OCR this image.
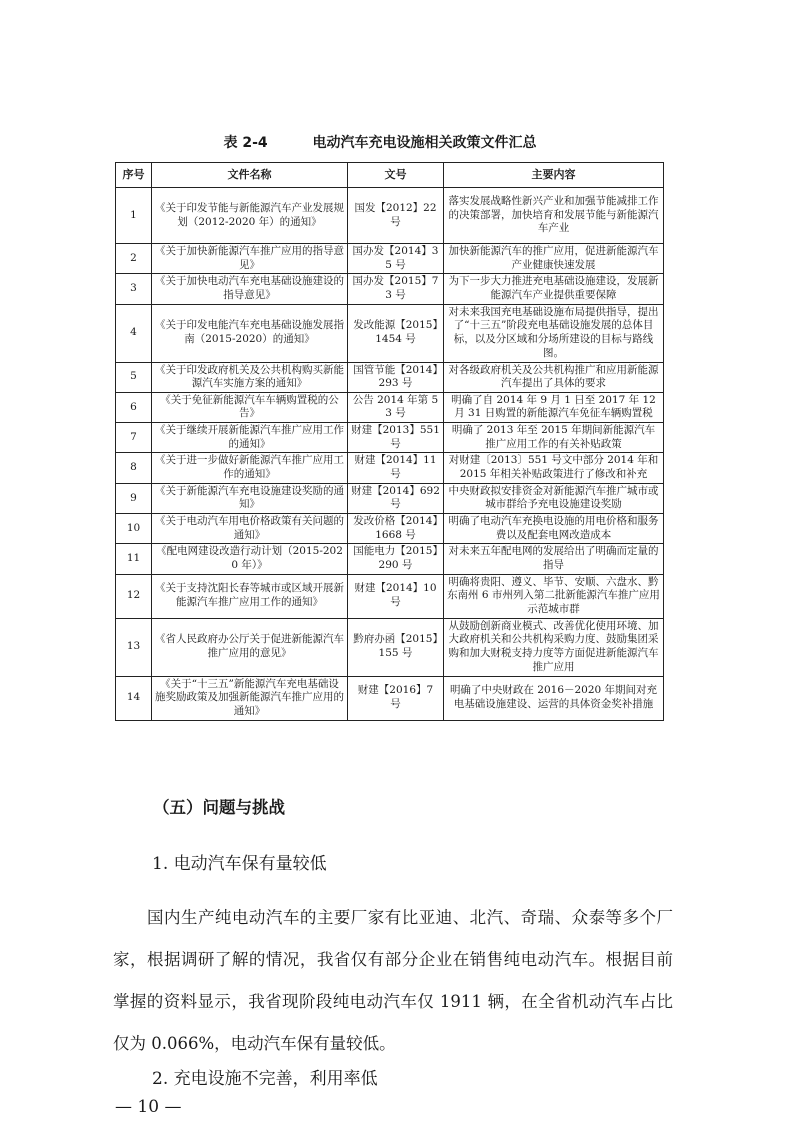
表 2-4	电动汽车充电设施相关政策文件汇总
序号	文件名称	文号	主要内容
1	《关于印发节能与新能源汽车产业发展规划（2012-2020 年）的通知》	国发【2012】22 号	落实发展战略性新兴产业和加强节能减排工作的决策部署，加快培育和发展节能与新能源汽车产业
2	《关于加快新能源汽车推广应用的指导意见》	国办发【2014】35 号	加快新能源汽车的推广应用，促进新能源汽车产业健康快速发展
3	《关于加快电动汽车充电基础设施建设的指导意见》	国办发【2015】73 号	为下一步大力推进充电基础设施建设，发展新能源汽车产业提供重要保障
4	《关于印发电能汽车充电基础设施发展指南（2015-2020）的通知》	发改能源【2015】1454 号	对未来我国充电基础设施布局提供指导，提出了“十三五”阶段充电基础设施发展的总体目标，以及分区域和分场所建设的目标与路线图。
5	《关于印发政府机关及公共机构购买新能源汽车实施方案的通知》	国管节能【2014】293 号	对各级政府机关及公共机构推广和应用新能源汽车提出了具体的要求
6	《关于免征新能源汽车车辆购置税的公告》	公告 2014 年第 53 号	明确了自 2014 年 9 月 1 日至 2017 年 12 月 31 日购置的新能源汽车免征车辆购置税
7	《关于继续开展新能源汽车推广应用工作的通知》	财建【2013】551 号	明确了 2013 年至 2015 年期间新能源汽车推广应用工作的有关补贴政策
8	《关于进一步做好新能源汽车推广应用工作的通知》	财建【2014】11 号	对财建〔2013〕551 号文中部分 2014 年和 2015 年相关补贴政策进行了修改和补充
9	《关于新能源汽车充电设施建设奖励的通知》	财建【2014】692 号	中央财政拟安排资金对新能源汽车推广城市或城市群给予充电设施建设奖励
10	《关于电动汽车用电价格政策有关问题的通知》	发改价格【2014】1668 号	明确了电动汽车充换电设施的用电价格和服务费以及配套电网改造成本
11	《配电网建设改造行动计划（2015-2020 年）》	国能电力【2015】290 号	对未来五年配电网的发展给出了明确而定量的指导
12	《关于支持沈阳长春等城市或区域开展新能源汽车推广应用工作的通知》	财建【2014】10 号	明确将贵阳、遵义、毕节、安顺、六盘水、黔东南州 6 市州列入第二批新能源汽车推广应用示范城市群
13	《省人民政府办公厅关于促进新能源汽车推广应用的意见》	黔府办函【2015】155 号	从鼓励创新商业模式、改善优化使用环境、加大政府机关和公共机构采购力度、鼓励集团采购和加大财税支持力度等方面促进新能源汽车推广应用
14	《关于“十三五”新能源汽车充电基础设施奖励政策及加强新能源汽车推广应用的通知》	财建【2016】7 号	明确了中央财政在 2016－2020 年期间对充电基础设施建设、运营的具体资金奖补措施
（五）问题与挑战
1. 电动汽车保有量较低
国内生产纯电动汽车的主要厂家有比亚迪、北汽、奇瑞、众泰等多个厂家，根据调研了解的情况，我省仅有部分企业在销售纯电动汽车。根据目前掌握的资料显示，我省现阶段纯电动汽车仅 1911 辆，在全省机动汽车占比仅为 0.066%，电动汽车保有量较低。
2. 充电设施不完善，利用率低
— 10 —
